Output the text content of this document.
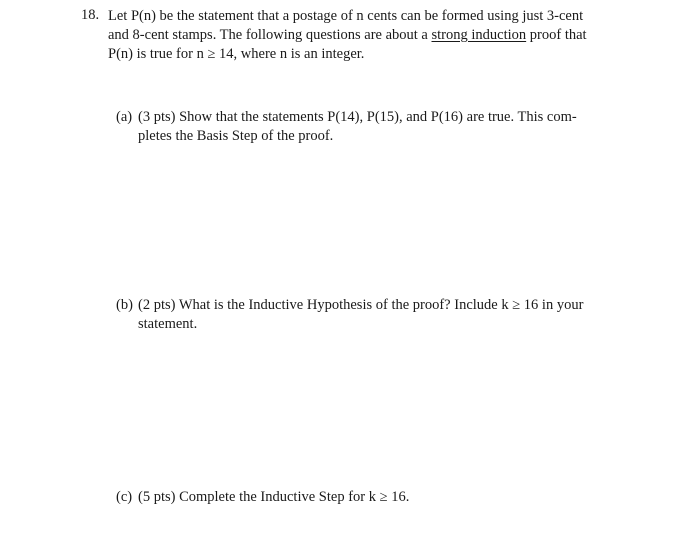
18. Let P(n) be the statement that a postage of n cents can be formed using just 3-cent
and 8-cent stamps. The following questions are about a strong induction proof that
P(n) is true for n ≥ 14, where n is an integer.
(a) (3 pts) Show that the statements P(14), P(15), and P(16) are true. This com-
pletes the Basis Step of the proof.
(b) (2 pts) What is the Inductive Hypothesis of the proof? Include k ≥ 16 in your
statement.
(c) (5 pts) Complete the Inductive Step for k ≥ 16.
